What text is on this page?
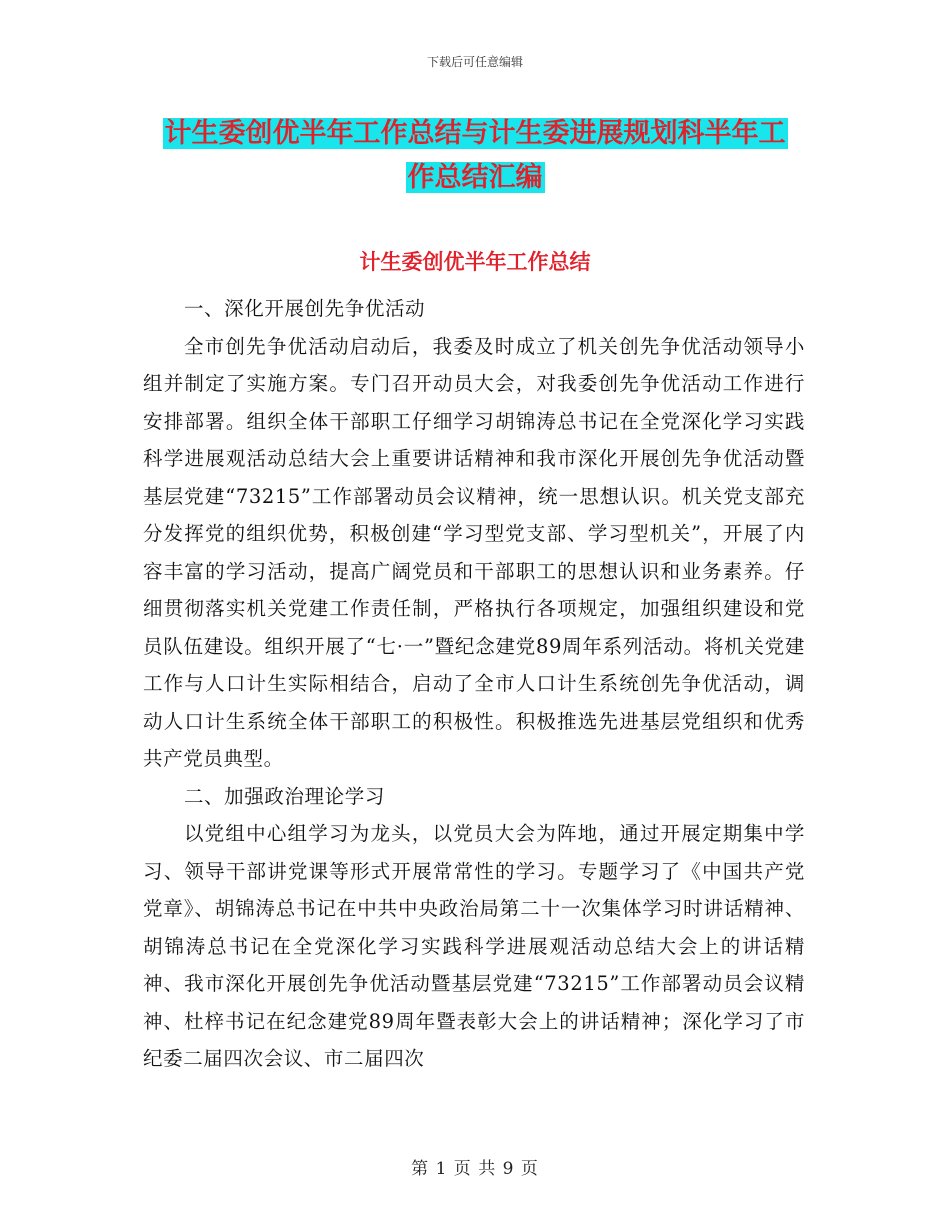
下载后可任意编辑
计生委创优半年工作总结与计生委进展规划科半年工
作总结汇编
计生委创优半年工作总结

一、深化开展创先争优活动

全市创先争优活动启动后，我委及时成立了机关创先争优活动领导小组并制定了实施方案。专门召开动员大会，对我委创先争优活动工作进行安排部署。组织全体干部职工仔细学习胡锦涛总书记在全党深化学习实践科学进展观活动总结大会上重要讲话精神和我市深化开展创先争优活动暨基层党建“73215”工作部署动员会议精神，统一思想认识。机关党支部充分发挥党的组织优势，积极创建“学习型党支部、学习型机关”，开展了内容丰富的学习活动，提高广阔党员和干部职工的思想认识和业务素养。仔细贯彻落实机关党建工作责任制，严格执行各项规定，加强组织建设和党员队伍建设。组织开展了“七·一”暨纪念建党89周年系列活动。将机关党建工作与人口计生实际相结合，启动了全市人口计生系统创先争优活动，调动人口计生系统全体干部职工的积极性。积极推选先进基层党组织和优秀共产党员典型。

二、加强政治理论学习

以党组中心组学习为龙头，以党员大会为阵地，通过开展定期集中学习、领导干部讲党课等形式开展常常性的学习。专题学习了《中国共产党党章》、胡锦涛总书记在中共中央政治局第二十一次集体学习时讲话精神、胡锦涛总书记在全党深化学习实践科学进展观活动总结大会上的讲话精神、我市深化开展创先争优活动暨基层党建“73215”工作部署动员会议精神、杜梓书记在纪念建党89周年暨表彰大会上的讲话精神；深化学习了市纪委二届四次会议、市二届四次

第 1 页 共 9 页
